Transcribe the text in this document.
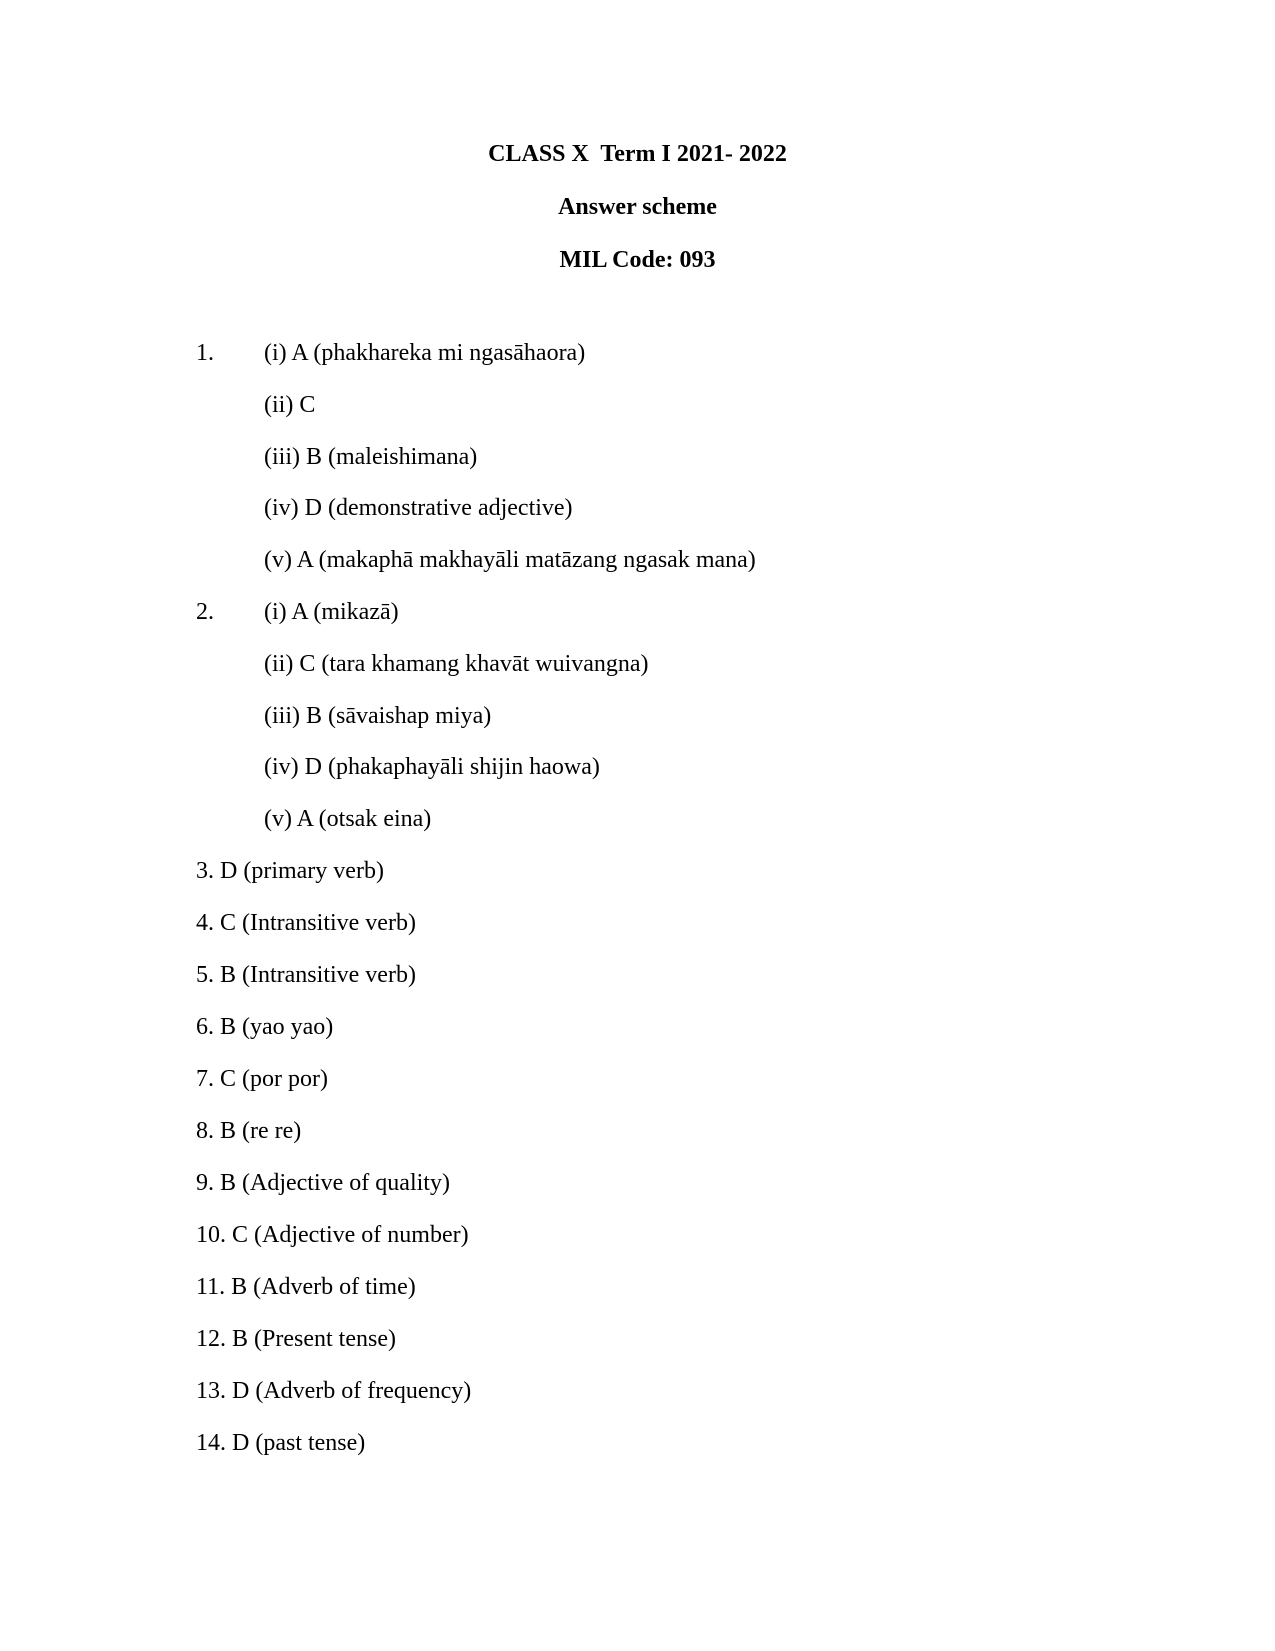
CLASS X  Term I 2021- 2022
Answer scheme
MIL Code: 093
1. (i) A (phakhareka mi ngasāhaora)
(ii) C
(iii) B (maleishimana)
(iv) D (demonstrative adjective)
(v) A (makaphā makhayāli matāzang ngasak mana)
2. (i) A (mikazā)
(ii) C (tara khamang khavāt wuivangna)
(iii) B (sāvaishap miya)
(iv) D (phakaphayāli shijin haowa)
(v) A (otsak eina)
3. D (primary verb)
4. C (Intransitive verb)
5. B (Intransitive verb)
6. B (yao yao)
7. C (por por)
8. B (re re)
9. B (Adjective of quality)
10. C (Adjective of number)
11. B (Adverb of time)
12. B (Present tense)
13. D (Adverb of frequency)
14. D (past tense)
